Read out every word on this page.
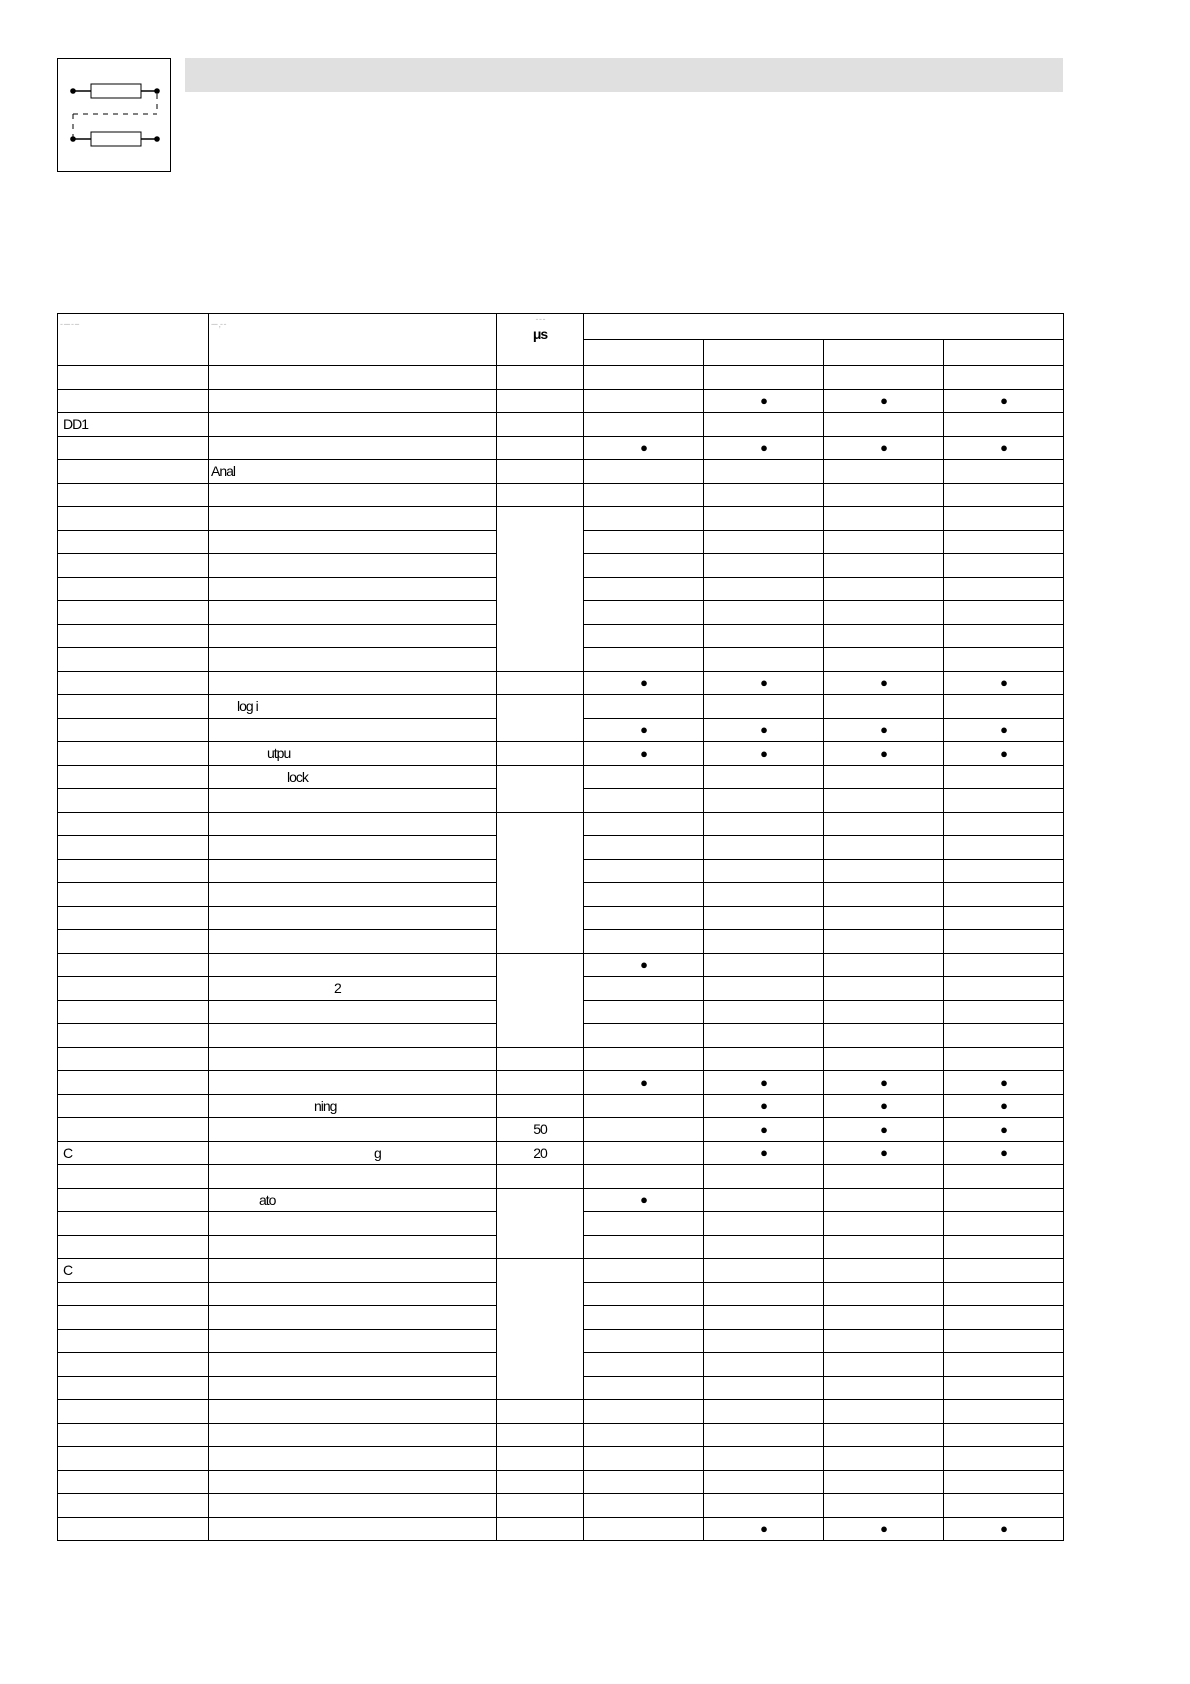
- --- - --	--- ,- -	- - -
μs				

				●	●	●
DD1						
			●	●	●	●
	Anal					

			●	●	●	●
	log i					
			●	●	●	●
	utpu		●	●	●	●
	lock					

			●			
	2					

			●	●	●	●
	ning			●	●	●
		50		●	●	●
C	g	20		●	●	●

	ato		●			

C						

				●	●	●
